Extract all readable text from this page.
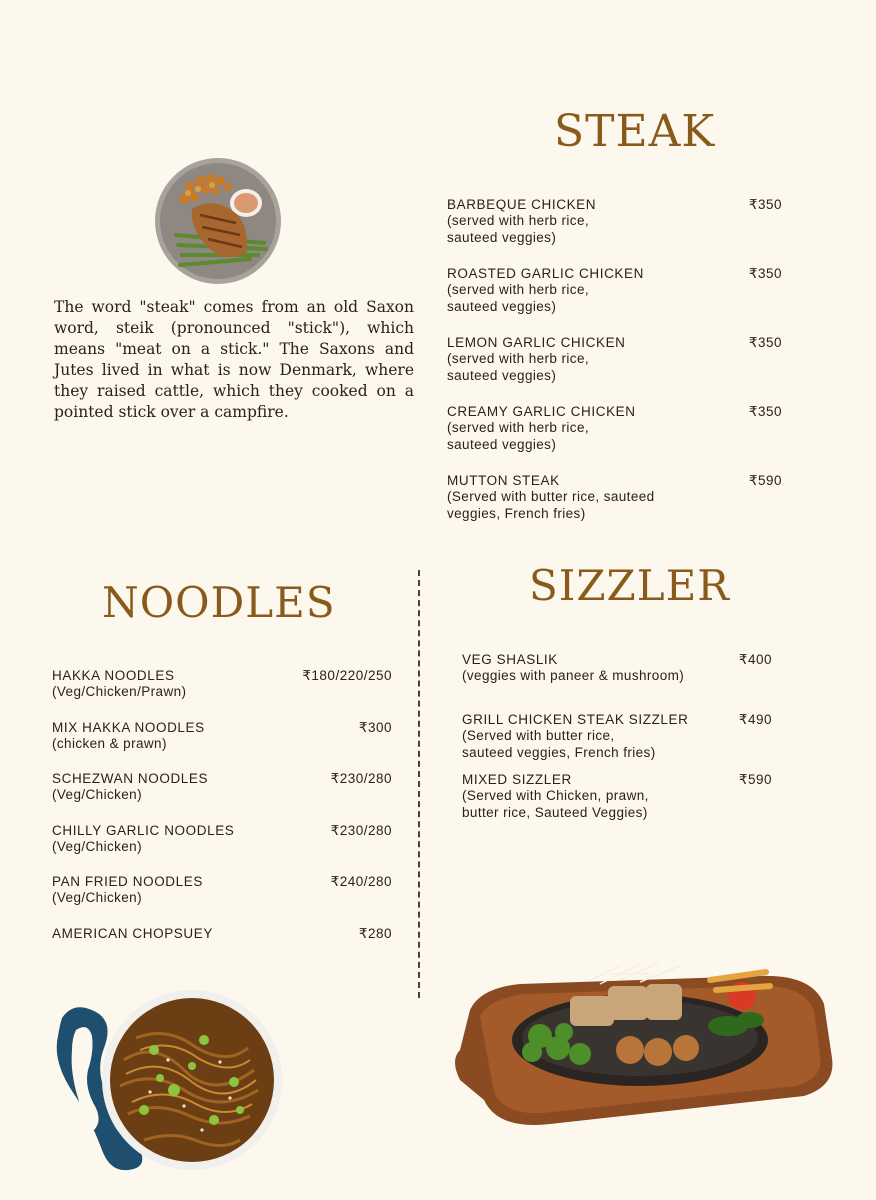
STEAK

The word "steak" comes from an old Saxon word, steik (pronounced "stick"), which means "meat on a stick." The Saxons and Jutes lived in what is now Denmark, where they raised cattle, which they cooked on a pointed stick over a campfire.

BARBEQUE CHICKEN
(served with herb rice,
sauteed veggies)
₹350
ROASTED GARLIC CHICKEN
(served with herb rice,
sauteed veggies)
₹350
LEMON GARLIC CHICKEN
(served with herb rice,
sauteed veggies)
₹350
CREAMY GARLIC CHICKEN
(served with herb rice,
sauteed veggies)
₹350
MUTTON STEAK
(Served with butter rice, sauteed
veggies, French fries)
₹590
NOODLES
HAKKA NOODLES
(Veg/Chicken/Prawn)
₹180/220/250
MIX HAKKA NOODLES
(chicken & prawn)
₹300
SCHEZWAN NOODLES
(Veg/Chicken)
₹230/280
CHILLY GARLIC NOODLES
(Veg/Chicken)
₹230/280
PAN FRIED NOODLES
(Veg/Chicken)
₹240/280
AMERICAN CHOPSUEY	₹280
SIZZLER
VEG SHASLIK
(veggies with paneer & mushroom)
₹400
GRILL CHICKEN STEAK SIZZLER
(Served with butter rice,
sauteed veggies, French fries)
₹490
MIXED SIZZLER
(Served with Chicken, prawn,
butter rice, Sauteed Veggies)
₹590
